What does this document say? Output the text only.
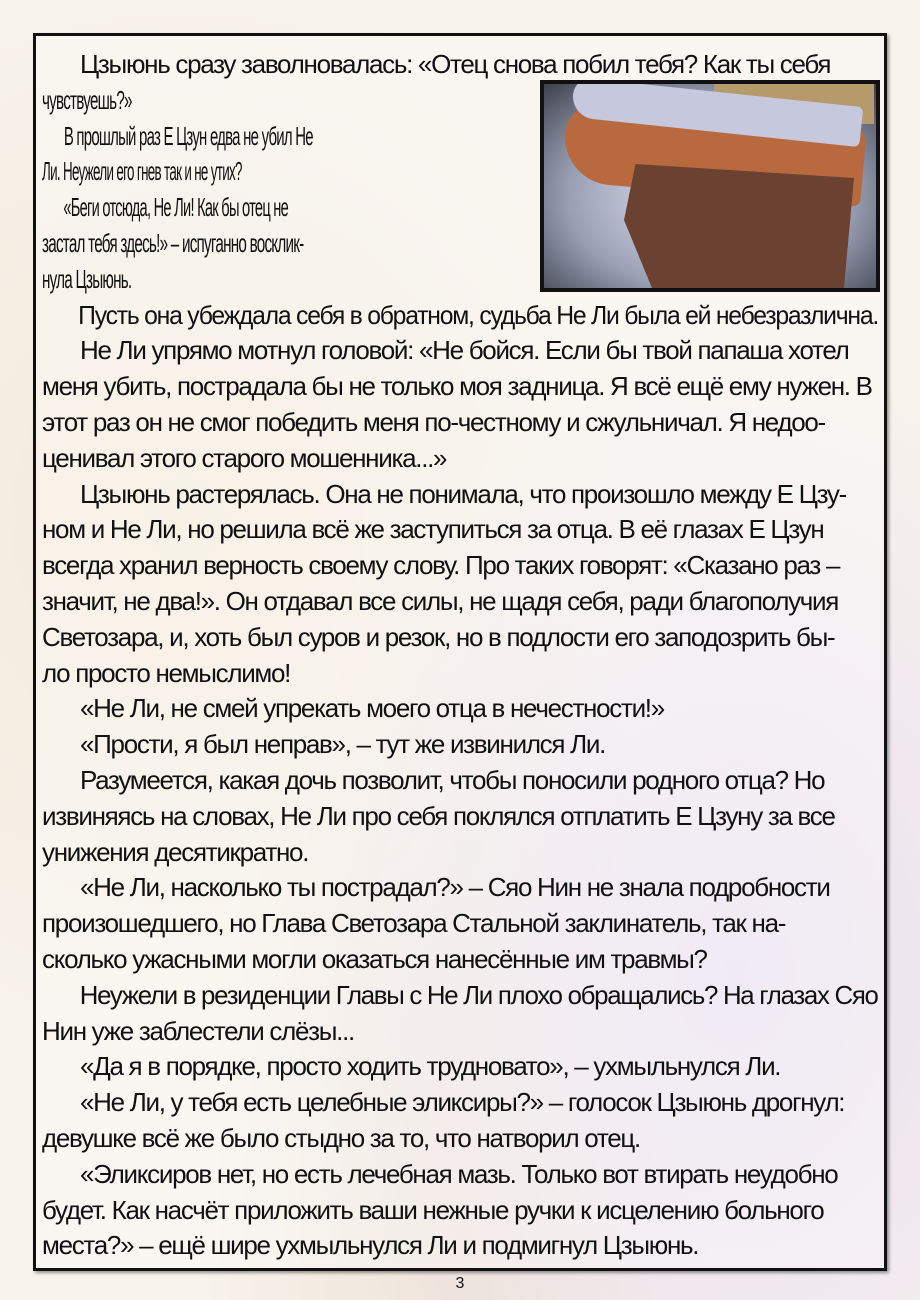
Цзыюнь сразу заволновалась: «Отец снова побил тебя? Как ты себя
чувствуешь?»
В прошлый раз Е Цзун едва не убил Не
Ли. Неужели его гнев так и не утих?
«Беги отсюда, Не Ли! Как бы отец не
застал тебя здесь!» – испуганно восклик-
нула Цзыюнь.
Пусть она убеждала себя в обратном, судьба Не Ли была ей небезразлична.
Не Ли упрямо мотнул головой: «Не бойся. Если бы твой папаша хотел
меня убить, пострадала бы не только моя задница. Я всё ещё ему нужен. В
этот раз он не смог победить меня по-честному и сжульничал. Я недоо-
ценивал этого старого мошенника...»
Цзыюнь растерялась. Она не понимала, что произошло между Е Цзу-
ном и Не Ли, но решила всё же заступиться за отца. В её глазах Е Цзун
всегда хранил верность своему слову. Про таких говорят: «Сказано раз –
значит, не два!». Он отдавал все силы, не щадя себя, ради благополучия
Светозара, и, хоть был суров и резок, но в подлости его заподозрить бы-
ло просто немыслимо!
«Не Ли, не смей упрекать моего отца в нечестности!»
«Прости, я был неправ», – тут же извинился Ли.
Разумеется, какая дочь позволит, чтобы поносили родного отца? Но
извиняясь на словах, Не Ли про себя поклялся отплатить Е Цзуну за все
унижения десятикратно.
«Не Ли, насколько ты пострадал?» – Сяо Нин не знала подробности
произошедшего, но Глава Светозара Стальной заклинатель, так на-
сколько ужасными могли оказаться нанесённые им травмы?
Неужели в резиденции Главы с Не Ли плохо обращались? На глазах Сяо
Нин уже заблестели слёзы...
«Да я в порядке, просто ходить трудновато», – ухмыльнулся Ли.
«Не Ли, у тебя есть целебные эликсиры?» – голосок Цзыюнь дрогнул:
девушке всё же было стыдно за то, что натворил отец.
«Эликсиров нет, но есть лечебная мазь. Только вот втирать неудобно
будет. Как насчёт приложить ваши нежные ручки к исцелению больного
места?» – ещё шире ухмыльнулся Ли и подмигнул Цзыюнь.
3
